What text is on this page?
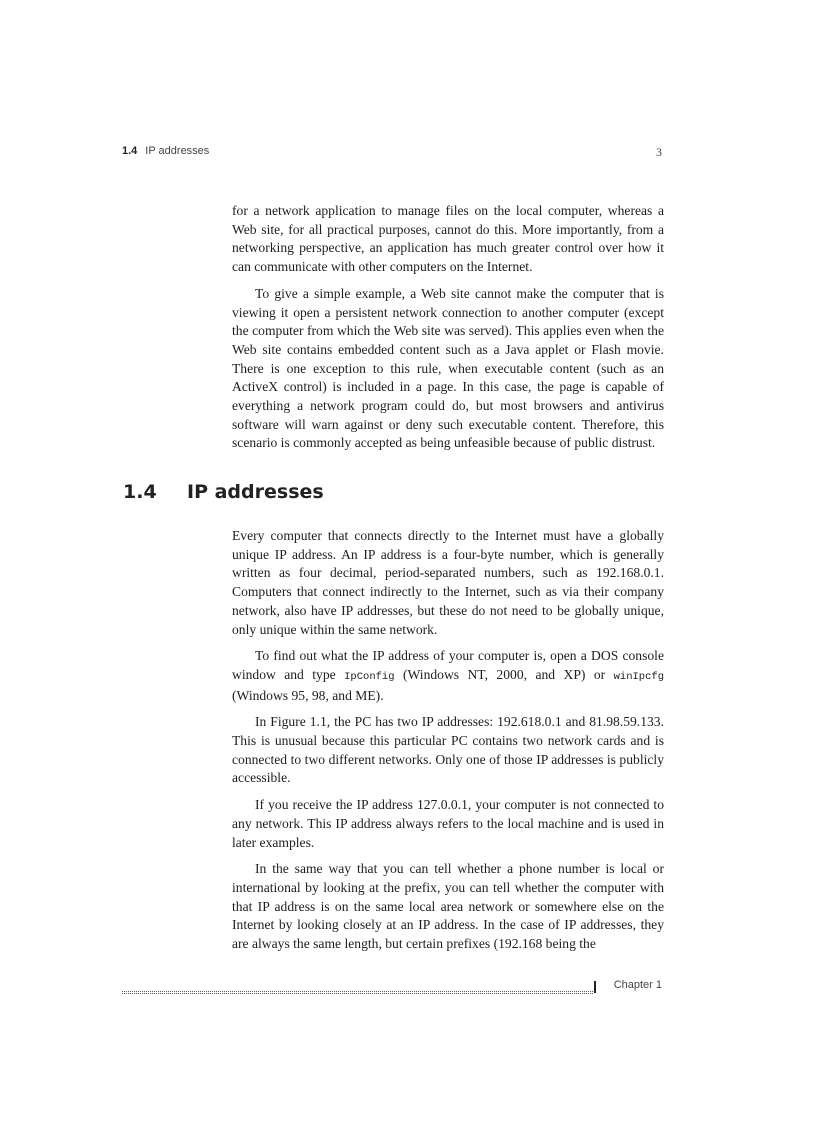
1.4 IP addresses	3

for a network application to manage files on the local computer, whereas a Web site, for all practical purposes, cannot do this. More importantly, from a networking perspective, an application has much greater control over how it can communicate with other computers on the Internet.

To give a simple example, a Web site cannot make the computer that is viewing it open a persistent network connection to another computer (except the computer from which the Web site was served). This applies even when the Web site contains embedded content such as a Java applet or Flash movie. There is one exception to this rule, when executable content (such as an ActiveX control) is included in a page. In this case, the page is capable of everything a network program could do, but most browsers and antivirus software will warn against or deny such executable content. Therefore, this scenario is commonly accepted as being unfeasible because of public distrust.

1.4 IP addresses

Every computer that connects directly to the Internet must have a globally unique IP address. An IP address is a four-byte number, which is generally written as four decimal, period-separated numbers, such as 192.168.0.1. Computers that connect indirectly to the Internet, such as via their company network, also have IP addresses, but these do not need to be globally unique, only unique within the same network.

To find out what the IP address of your computer is, open a DOS console window and type IpConfig (Windows NT, 2000, and XP) or winIpcfg (Windows 95, 98, and ME).

In Figure 1.1, the PC has two IP addresses: 192.618.0.1 and 81.98.59.133. This is unusual because this particular PC contains two network cards and is connected to two different networks. Only one of those IP addresses is publicly accessible.

If you receive the IP address 127.0.0.1, your computer is not connected to any network. This IP address always refers to the local machine and is used in later examples.

In the same way that you can tell whether a phone number is local or international by looking at the prefix, you can tell whether the computer with that IP address is on the same local area network or somewhere else on the Internet by looking closely at an IP address. In the case of IP addresses, they are always the same length, but certain prefixes (192.168 being the

Chapter 1
